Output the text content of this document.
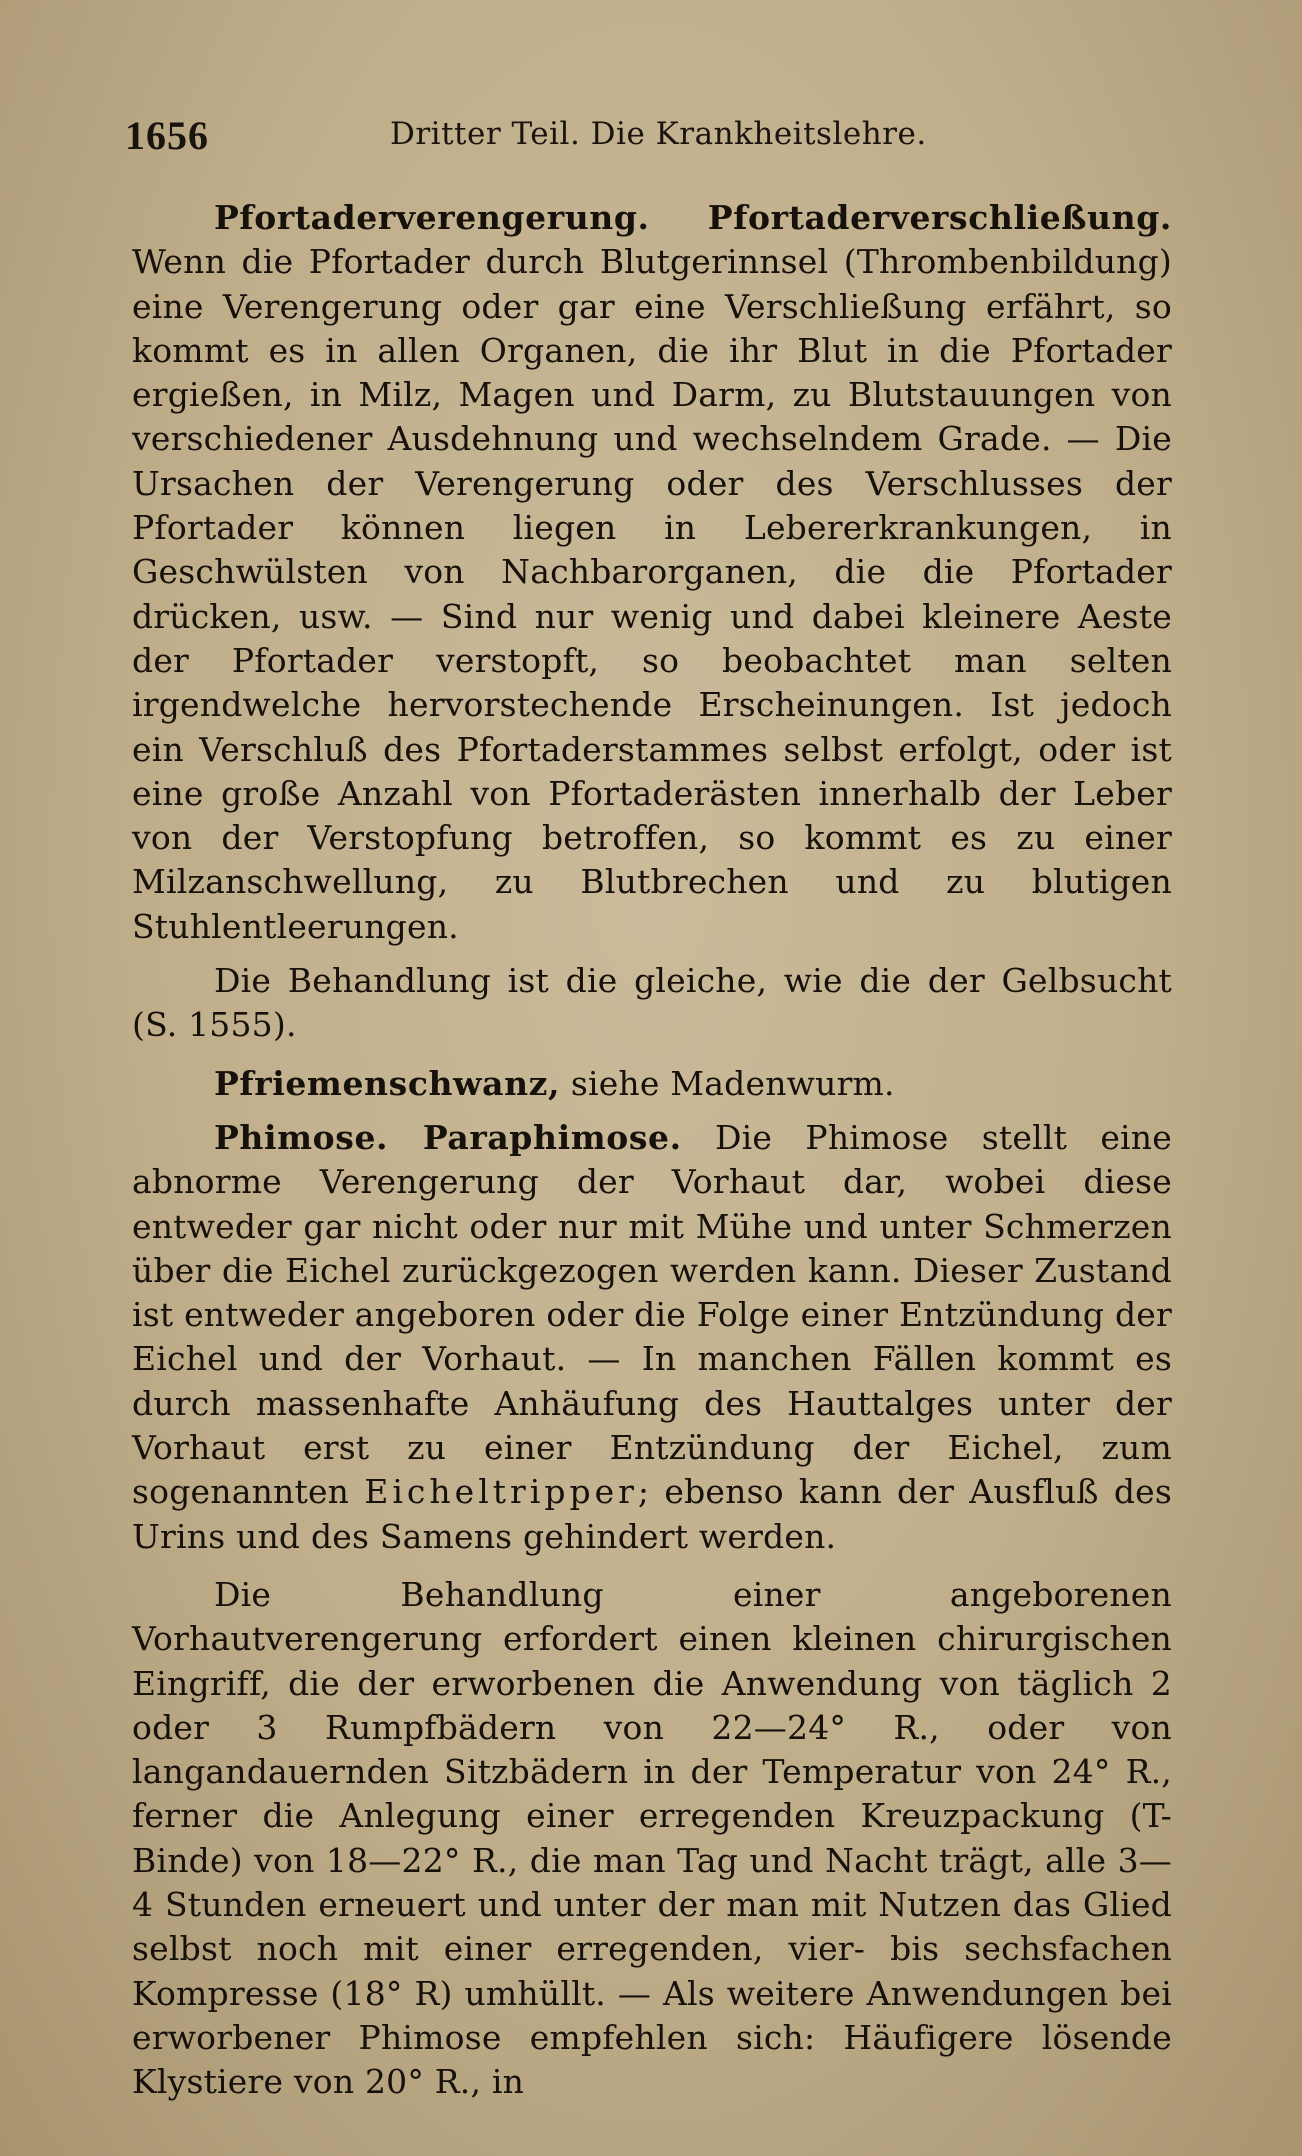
1656	Dritter Teil. Die Krankheitslehre.

Pfortaderverengerung. Pfortaderverschließung. Wenn die Pfortader durch Blutgerinnsel (Thrombenbildung) eine Verengerung oder gar eine Verschließung erfährt, so kommt es in allen Organen, die ihr Blut in die Pfortader ergießen, in Milz, Magen und Darm, zu Blutstauungen von verschiedener Ausdehnung und wechselndem Grade. — Die Ursachen der Verengerung oder des Verschlusses der Pfortader können liegen in Lebererkrankungen, in Geschwülsten von Nachbarorganen, die die Pfortader drücken, usw. — Sind nur wenig und dabei kleinere Aeste der Pfortader verstopft, so beobachtet man selten irgendwelche hervorstechende Erscheinungen. Ist jedoch ein Verschluß des Pfortaderstammes selbst erfolgt, oder ist eine große Anzahl von Pfortaderästen innerhalb der Leber von der Verstopfung betroffen, so kommt es zu einer Milzanschwellung, zu Blutbrechen und zu blutigen Stuhlentleerungen.

Die Behandlung ist die gleiche, wie die der Gelbsucht (S. 1555).

Pfriemenschwanz, siehe Madenwurm.

Phimose. Paraphimose. Die Phimose stellt eine abnorme Verengerung der Vorhaut dar, wobei diese entweder gar nicht oder nur mit Mühe und unter Schmerzen über die Eichel zurückgezogen werden kann. Dieser Zustand ist entweder angeboren oder die Folge einer Entzündung der Eichel und der Vorhaut. — In manchen Fällen kommt es durch massenhafte Anhäufung des Hauttalges unter der Vorhaut erst zu einer Entzündung der Eichel, zum sogenannten Eicheltripper; ebenso kann der Ausfluß des Urins und des Samens gehindert werden.

Die Behandlung einer angeborenen Vorhautverengerung erfordert einen kleinen chirurgischen Eingriff, die der erworbenen die Anwendung von täglich 2 oder 3 Rumpfbädern von 22—24° R., oder von langandauernden Sitzbädern in der Temperatur von 24° R., ferner die Anlegung einer erregenden Kreuzpackung (T-Binde) von 18—22° R., die man Tag und Nacht trägt, alle 3—4 Stunden erneuert und unter der man mit Nutzen das Glied selbst noch mit einer erregenden, vier- bis sechsfachen Kompresse (18° R) umhüllt. — Als weitere Anwendungen bei erworbener Phimose empfehlen sich: Häufigere lösende Klystiere von 20° R., in
